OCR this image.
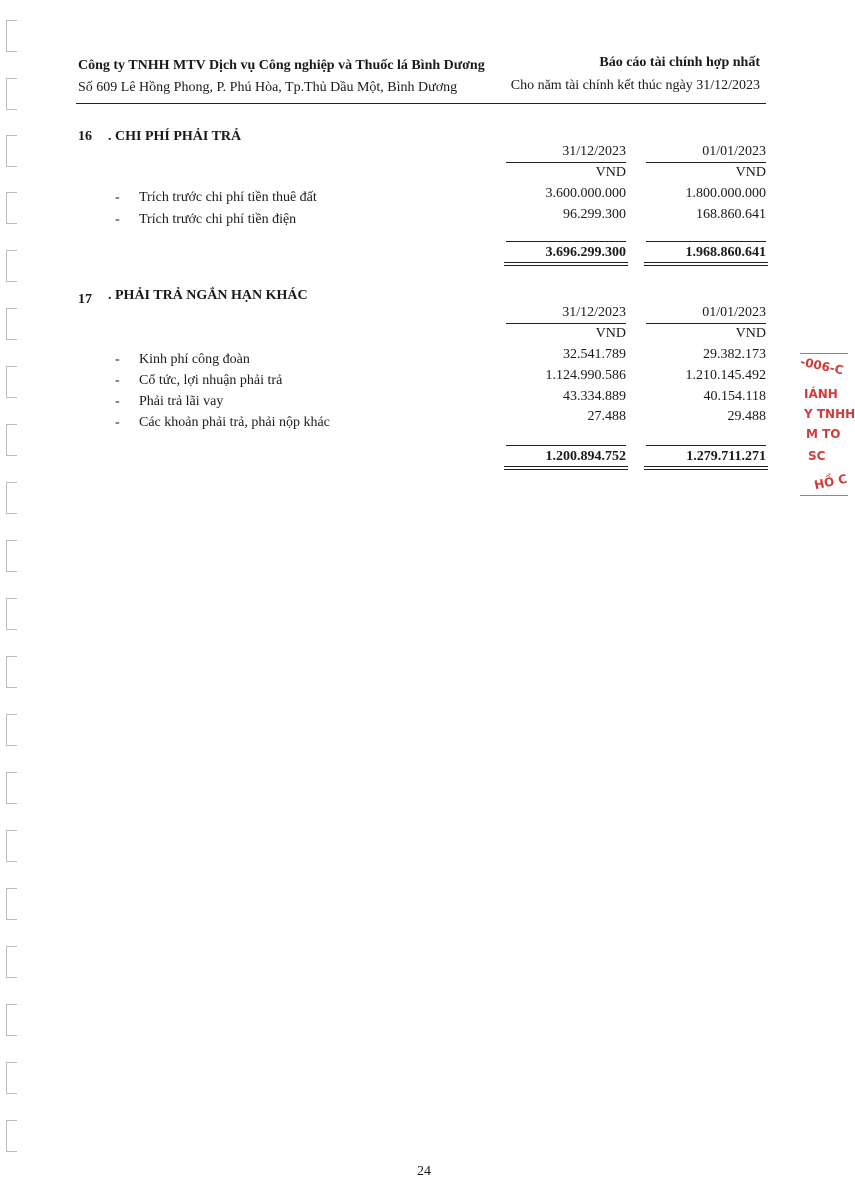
Công ty TNHH MTV Dịch vụ Công nghiệp và Thuốc lá Bình Dương
Số 609 Lê Hồng Phong, P. Phú Hòa, Tp.Thủ Dầu Một, Bình Dương
Báo cáo tài chính hợp nhất
Cho năm tài chính kết thúc ngày 31/12/2023
16 . CHI PHÍ PHẢI TRẢ
31/12/2023	01/01/2023
VND	VND
- Trích trước chi phí tiền thuê đất	3.600.000.000	1.800.000.000
- Trích trước chi phí tiền điện	96.299.300	168.860.641
3.696.299.300	1.968.860.641
17 . PHẢI TRẢ NGẮN HẠN KHÁC
31/12/2023	01/01/2023
VND	VND
- Kinh phí công đoàn	32.541.789	29.382.173
- Cổ tức, lợi nhuận phải trả	1.124.990.586	1.210.145.492
- Phải trả lãi vay	43.334.889	40.154.118
- Các khoản phải trả, phải nộp khác	27.488	29.488
1.200.894.752	1.279.711.271
-006-C
IÁNH
Y TNHH
M TO
SC
HỒ C
24
